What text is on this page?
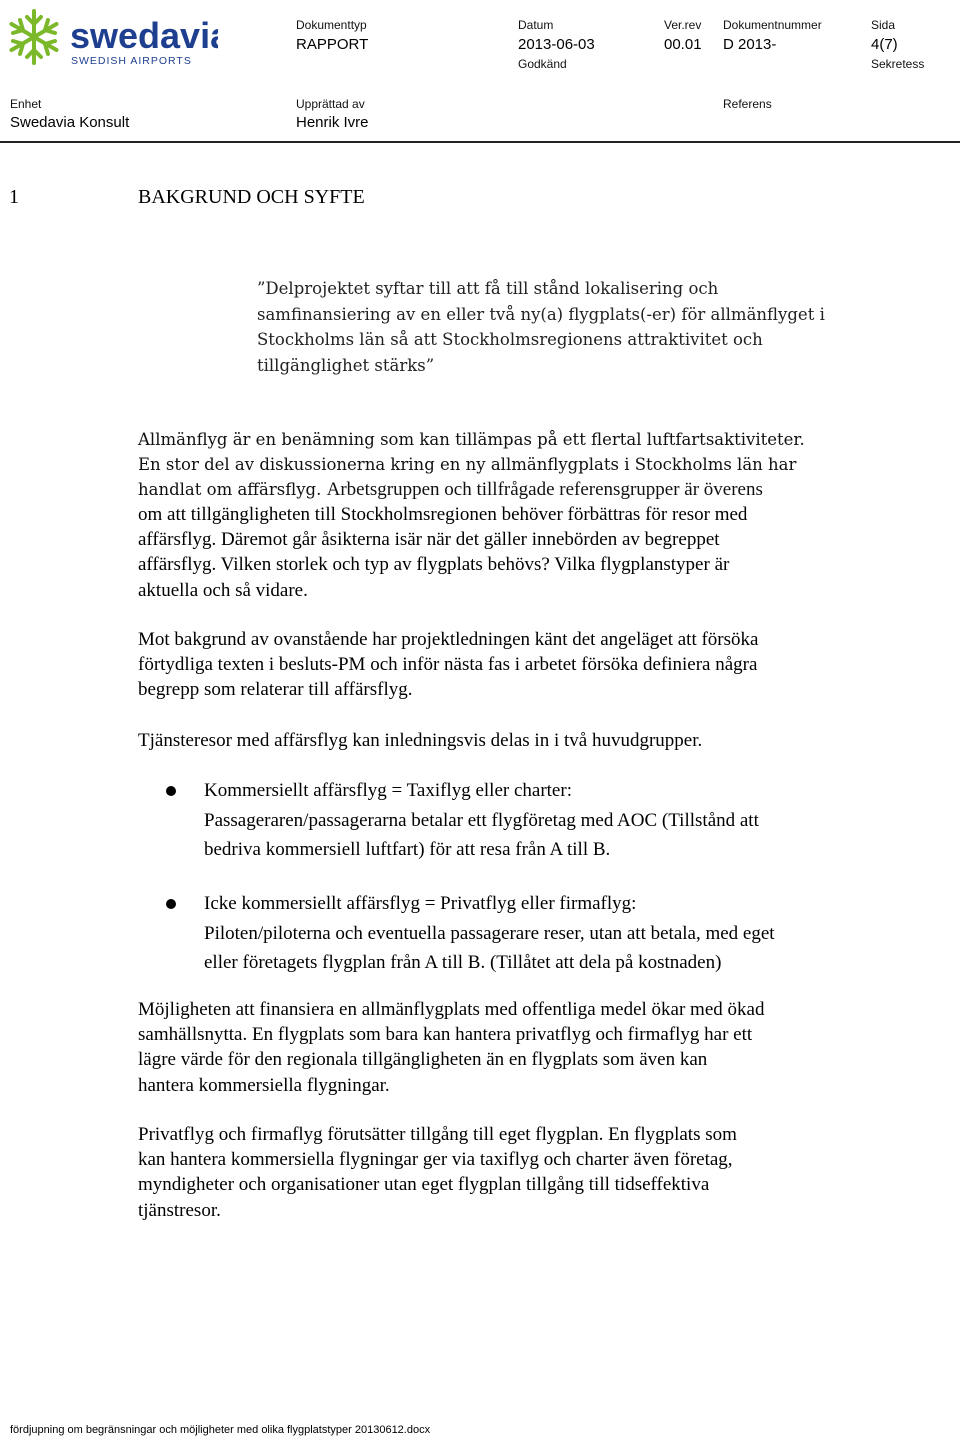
swedavia
SWEDISH AIRPORTS
Dokumenttyp
RAPPORT
Datum
2013-06-03
Ver.rev
00.01
Dokumentnummer
D 2013-
Sida
4(7)
Godkänd	Sekretess
Enhet
Swedavia Konsult
Upprättad av
Henrik Ivre
Referens
1	BAKGRUND OCH SYFTE
”Delprojektet syftar till att få till stånd lokalisering och
samfinansiering av en eller två ny(a) flygplats(-er) för allmänflyget i
Stockholms län så att Stockholmsregionens attraktivitet och
tillgänglighet stärks”
Allmänflyg är en benämning som kan tillämpas på ett flertal luftfartsaktiviteter.
En stor del av diskussionerna kring en ny allmänflygplats i Stockholms län har
handlat om affärsflyg. Arbetsgruppen och tillfrågade referensgrupper är överens
om att tillgängligheten till Stockholmsregionen behöver förbättras för resor med
affärsflyg. Däremot går åsikterna isär när det gäller innebörden av begreppet
affärsflyg. Vilken storlek och typ av flygplats behövs? Vilka flygplanstyper är
aktuella och så vidare.
Mot bakgrund av ovanstående har projektledningen känt det angeläget att försöka
förtydliga texten i besluts-PM och inför nästa fas i arbetet försöka definiera några
begrepp som relaterar till affärsflyg.
Tjänsteresor med affärsflyg kan inledningsvis delas in i två huvudgrupper.
Kommersiellt affärsflyg = Taxiflyg eller charter:
Passageraren/passagerarna betalar ett flygföretag med AOC (Tillstånd att
bedriva kommersiell luftfart) för att resa från A till B.
Icke kommersiellt affärsflyg = Privatflyg eller firmaflyg:
Piloten/piloterna och eventuella passagerare reser, utan att betala, med eget
eller företagets flygplan från A till B. (Tillåtet att dela på kostnaden)
Möjligheten att finansiera en allmänflygplats med offentliga medel ökar med ökad
samhällsnytta. En flygplats som bara kan hantera privatflyg och firmaflyg har ett
lägre värde för den regionala tillgängligheten än en flygplats som även kan
hantera kommersiella flygningar.
Privatflyg och firmaflyg förutsätter tillgång till eget flygplan. En flygplats som
kan hantera kommersiella flygningar ger via taxiflyg och charter även företag,
myndigheter och organisationer utan eget flygplan tillgång till tidseffektiva
tjänstresor.
fördjupning om begränsningar och möjligheter med olika flygplatstyper 20130612.docx
